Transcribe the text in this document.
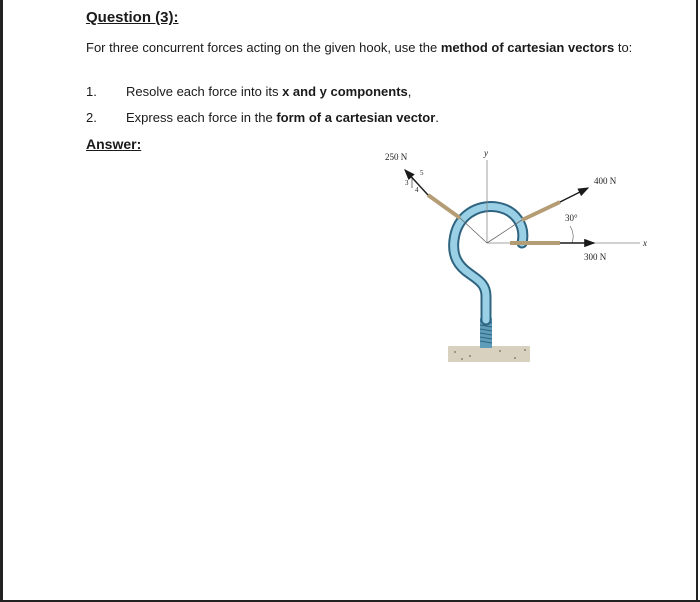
Question (3):
For three concurrent forces acting on the given hook, use the method of cartesian vectors to:
1. Resolve each force into its x and y components,
2. Express each force in the form of a cartesian vector.
Answer:
y
x
250 N
3
4
5
400 N
30°
300 N
